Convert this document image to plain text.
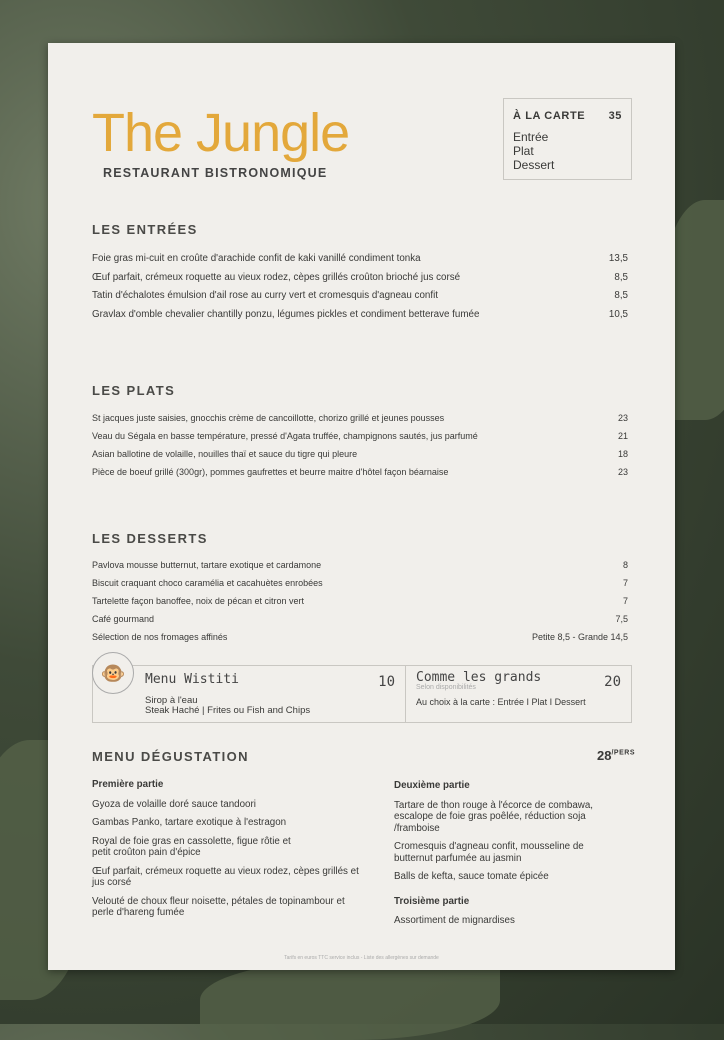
The Jungle
RESTAURANT BISTRONOMIQUE
À LA CARTE 35
Entrée
Plat
Dessert
LES ENTRÉES
Foie gras mi-cuit en croûte d'arachide confit de kaki vanillé condiment tonka	13,5
Œuf parfait, crémeux roquette au vieux rodez, cèpes grillés croûton brioché jus corsé	8,5
Tatin d'échalotes émulsion d'ail rose au curry vert et cromesquis d'agneau confit	8,5
Gravlax d'omble chevalier chantilly ponzu, légumes pickles et condiment betterave fumée	10,5
LES PLATS
St jacques juste saisies, gnocchis crème de cancoillotte, chorizo grillé et jeunes pousses	23
Veau du Ségala en basse température, pressé d'Agata truffée, champignons sautés, jus parfumé	21
Asian ballotine de volaille, nouilles thaï et sauce du tigre qui pleure	18
Pièce de boeuf grillé (300gr), pommes gaufrettes et beurre maitre d'hôtel façon béarnaise	23
LES DESSERTS
Pavlova mousse butternut, tartare exotique et cardamone	8
Biscuit craquant choco caramélia et cacahuètes enrobées	7
Tartelette façon banoffee, noix de pécan et citron vert	7
Café gourmand	7,5
Sélection de nos fromages affinés	Petite 8,5 - Grande 14,5
Menu Wistiti	10
Sirop à l'eau
Steak Haché | Frites ou Fish and Chips
Comme les grands
Selon disponibilités	20
Au choix à la carte : Entrée I Plat I Dessert
🐵
MENU DÉGUSTATION	$28^{/PERS}$
Première partie
Gyoza de volaille doré sauce tandoori
Gambas Panko, tartare exotique à l'estragon
Royal de foie gras en cassolette, figue rôtie et petit croûton pain d'épice
Œuf parfait, crémeux roquette au vieux rodez, cèpes grillés et jus corsé
Velouté de choux fleur noisette, pétales de topinambour et perle d'hareng fumée
Deuxième partie
Tartare de thon rouge à l'écorce de combawa, escalope de foie gras poêlée, réduction soja /framboise
Cromesquis d'agneau confit, mousseline de butternut parfumée au jasmin
Balls de kefta, sauce tomate épicée
Troisième partie
Assortiment de mignardises
Tarifs en euros TTC service inclus - Liste des allergènes sur demande
